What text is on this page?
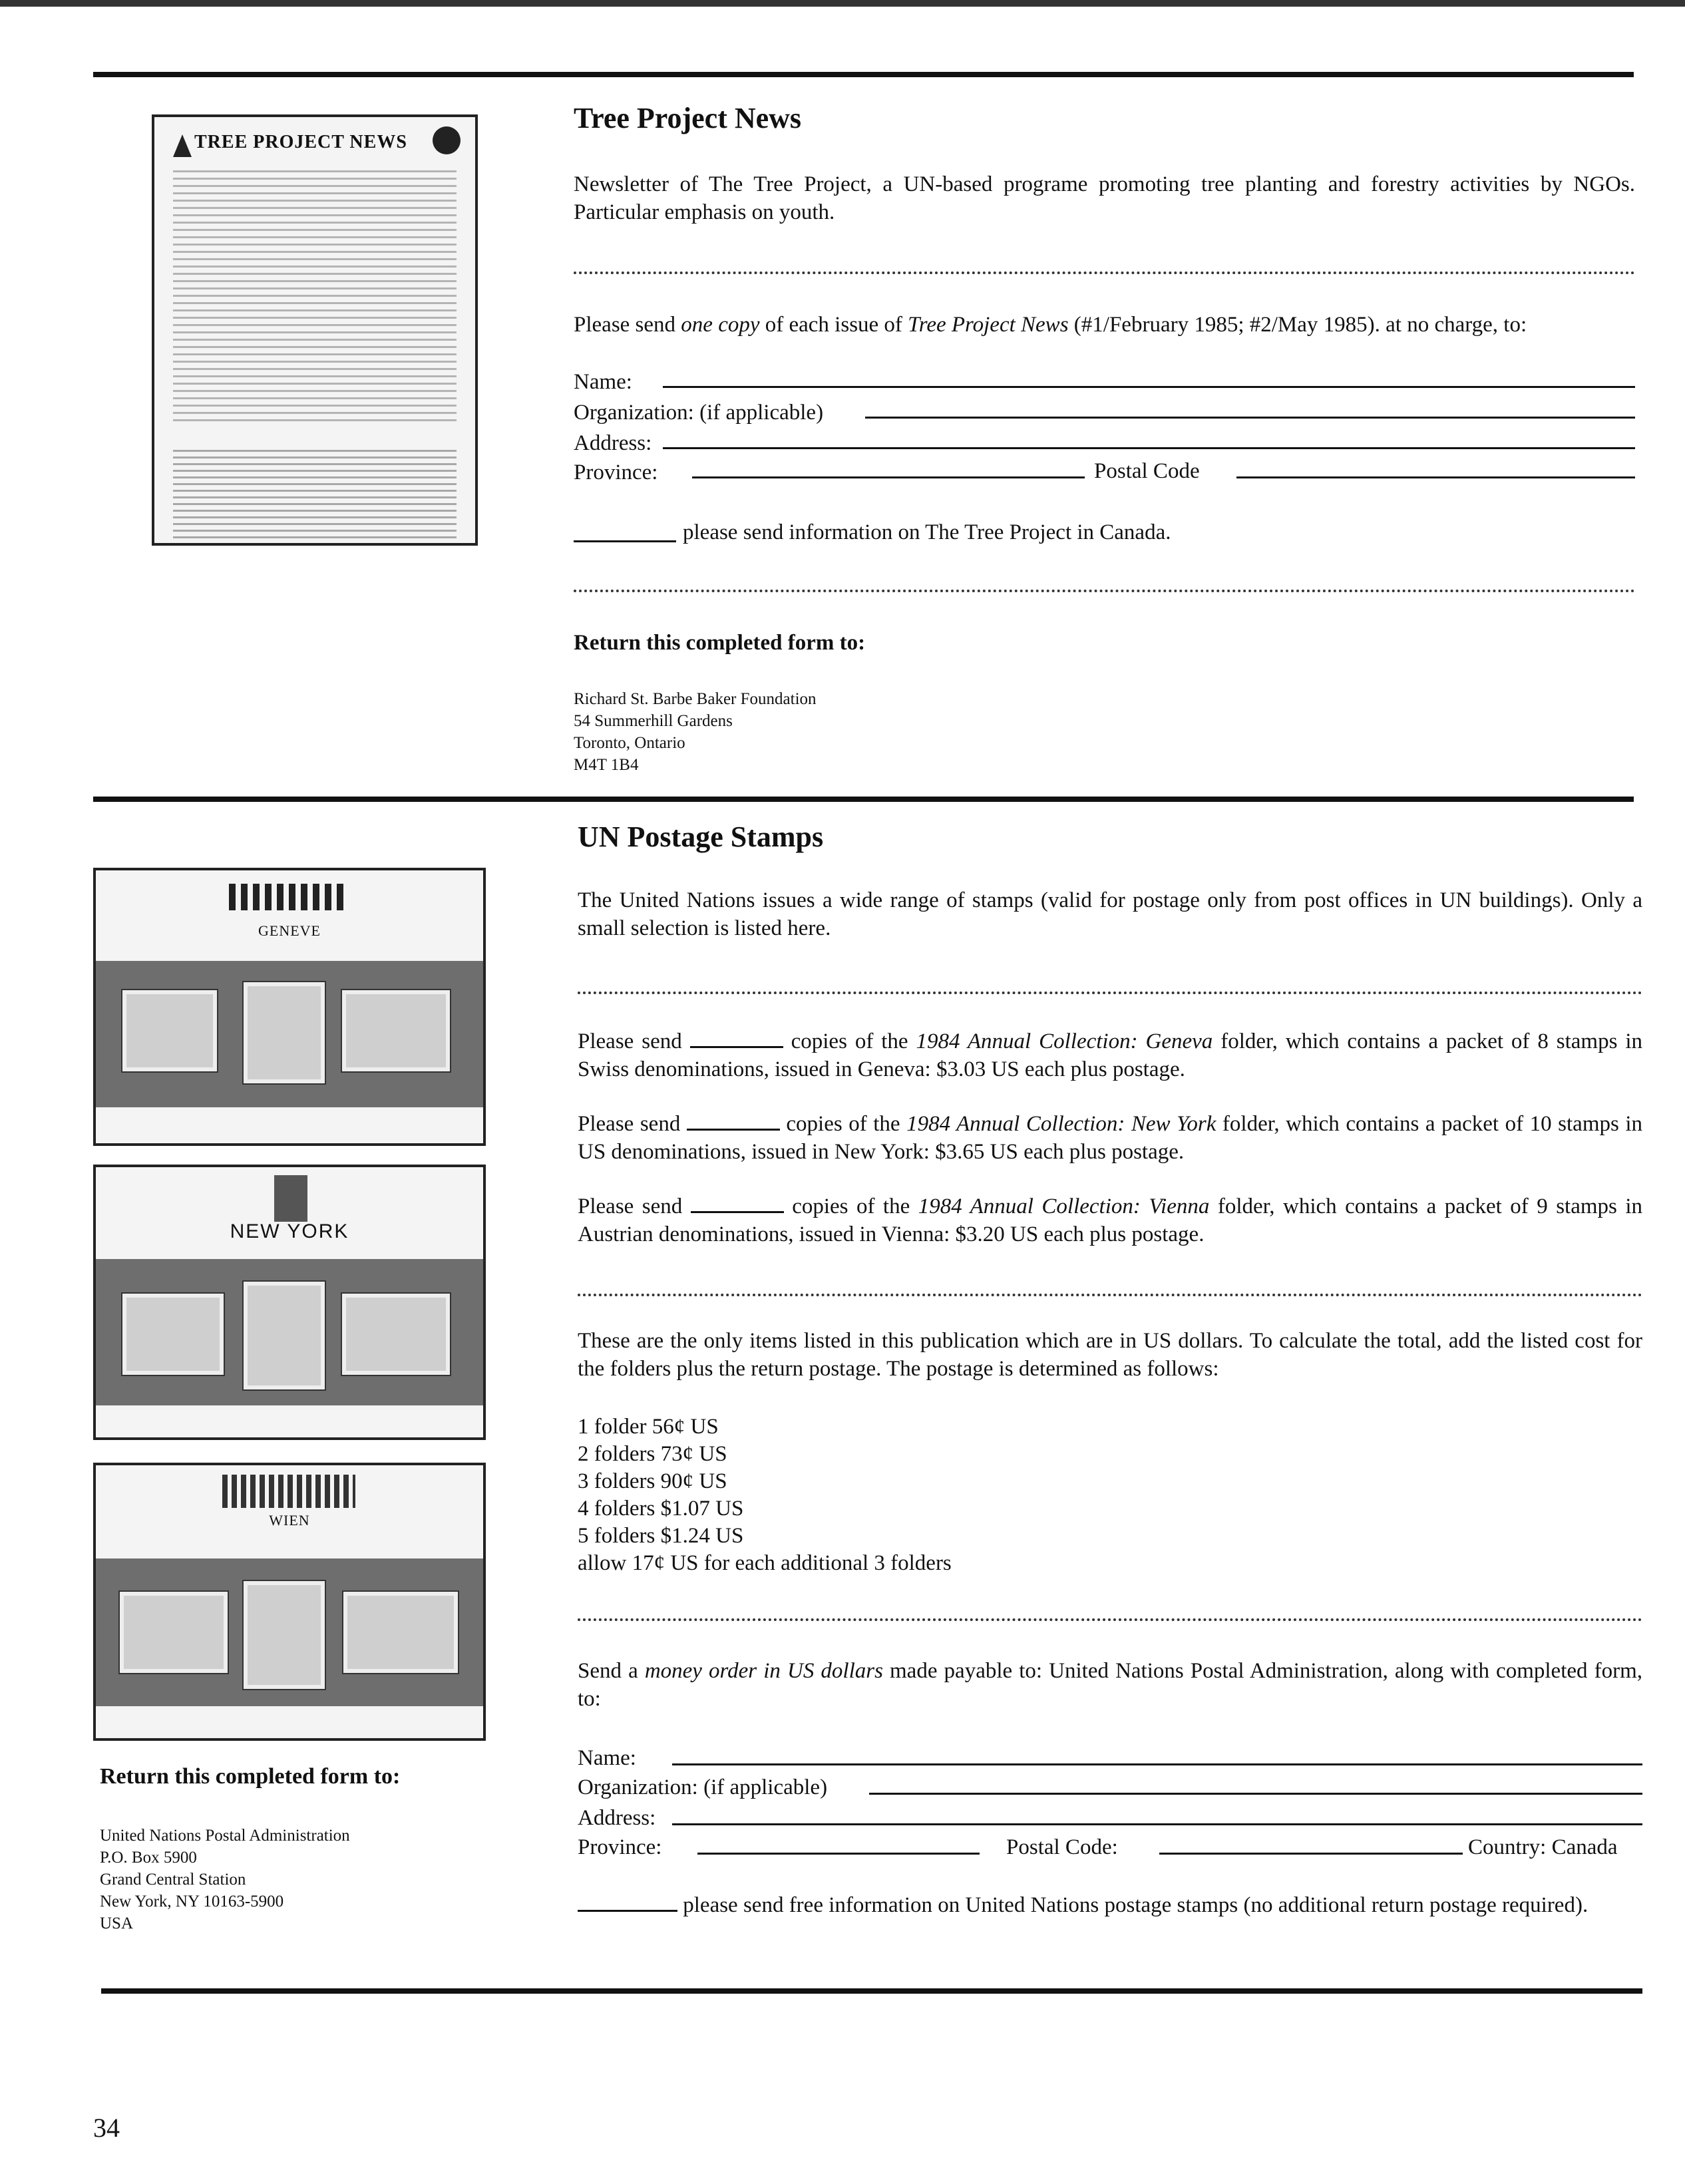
TREE PROJECT NEWS
Tree Project News
Newsletter of The Tree Project, a UN-based programe promoting tree planting and forestry activities by NGOs. Particular emphasis on youth.
Please send one copy of each issue of Tree Project News (#1/February 1985; #2/May 1985). at no charge, to:
Name:
Organization: (if applicable)
Address:
Province:	Postal Code
please send information on The Tree Project in Canada.
Return this completed form to:
Richard St. Barbe Baker Foundation
54 Summerhill Gardens
Toronto, Ontario
M4T 1B4
GENEVE
NEW YORK
WIEN
Return this completed form to:
United Nations Postal Administration
P.O. Box 5900
Grand Central Station
New York, NY 10163-5900
USA
UN Postage Stamps
The United Nations issues a wide range of stamps (valid for postage only from post offices in UN buildings). Only a small selection is listed here.
Please send	copies of the 1984 Annual Collection: Geneva folder, which contains a packet of 8 stamps in Swiss denominations, issued in Geneva: $3.03 US each plus postage.
Please send	copies of the 1984 Annual Collection: New York folder, which contains a packet of 10 stamps in US denominations, issued in New York: $3.65 US each plus postage.
Please send	copies of the 1984 Annual Collection: Vienna folder, which contains a packet of 9 stamps in Austrian denominations, issued in Vienna: $3.20 US each plus postage.
These are the only items listed in this publication which are in US dollars. To calculate the total, add the listed cost for the folders plus the return postage. The postage is determined as follows:
1 folder 56¢ US
2 folders 73¢ US
3 folders 90¢ US
4 folders $1.07 US
5 folders $1.24 US
allow 17¢ US for each additional 3 folders
Send a money order in US dollars made payable to: United Nations Postal Administration, along with completed form, to:
Name:
Organization: (if applicable)
Address:
Province:	Postal Code:	Country: Canada
please send free information on United Nations postage stamps (no additional return postage required).
34
